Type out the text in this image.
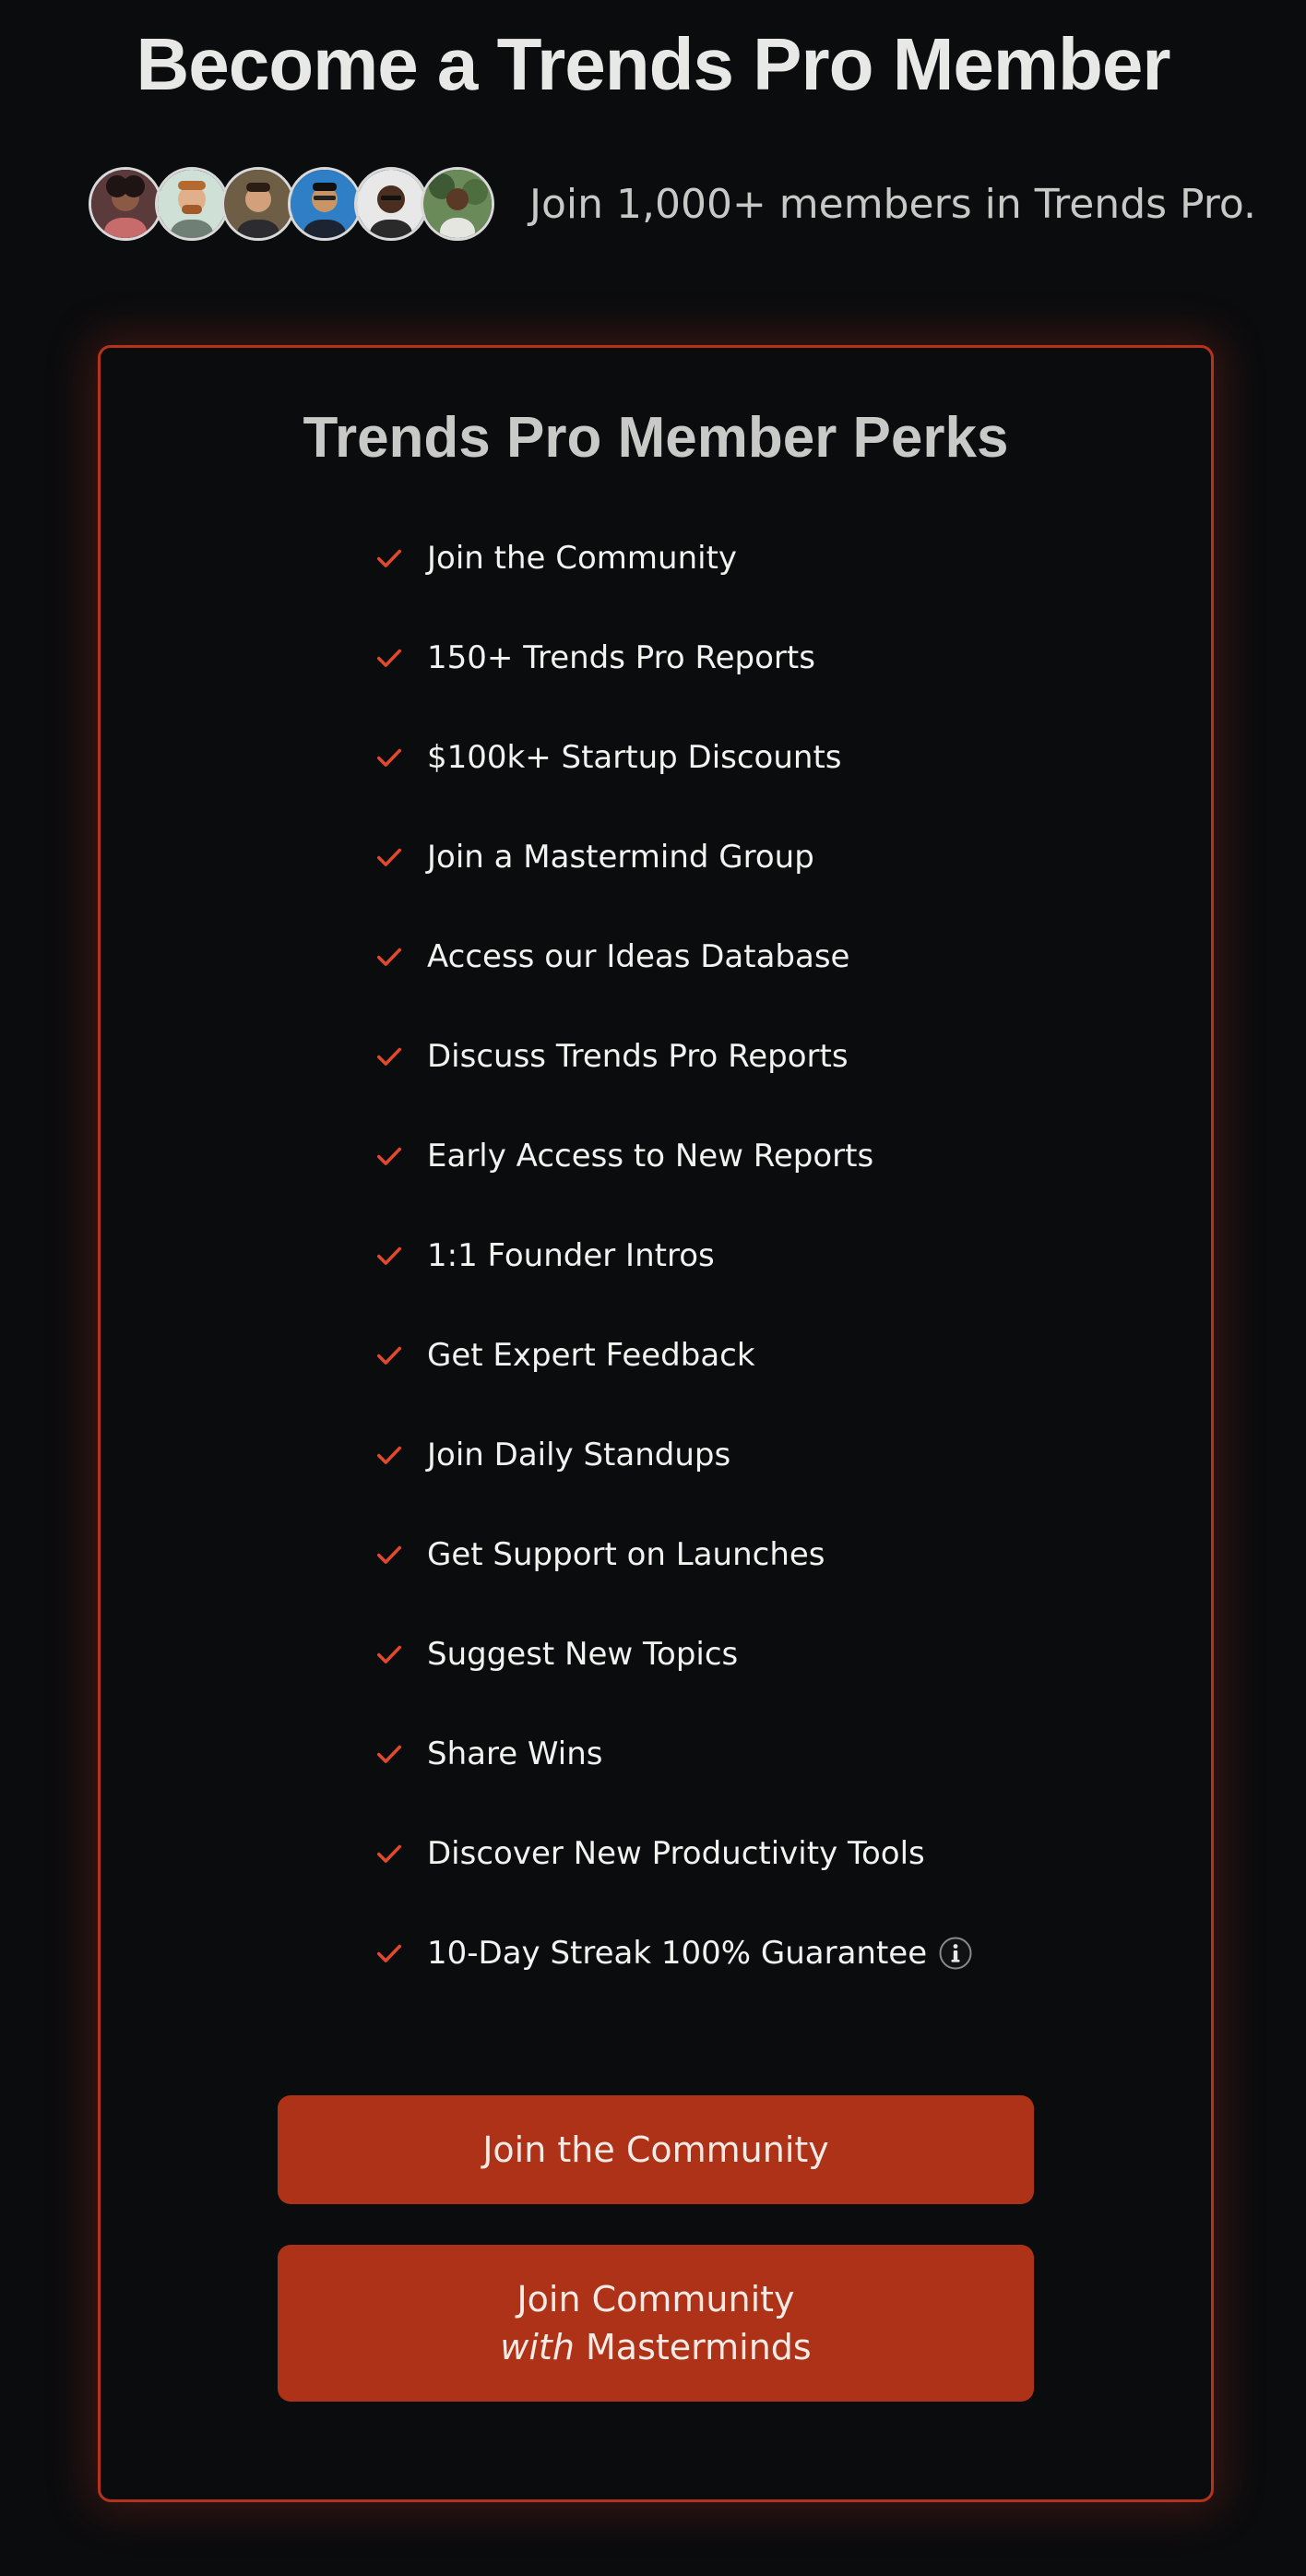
Become a Trends Pro Member
Join 1,000+ members in Trends Pro.
Trends Pro Member Perks
Join the Community
150+ Trends Pro Reports
$100k+ Startup Discounts
Join a Mastermind Group
Access our Ideas Database
Discuss Trends Pro Reports
Early Access to New Reports
1:1 Founder Intros
Get Expert Feedback
Join Daily Standups
Get Support on Launches
Suggest New Topics
Share Wins
Discover New Productivity Tools
10-Day Streak 100% Guarantee
Join the Community
Join Community
with Masterminds
